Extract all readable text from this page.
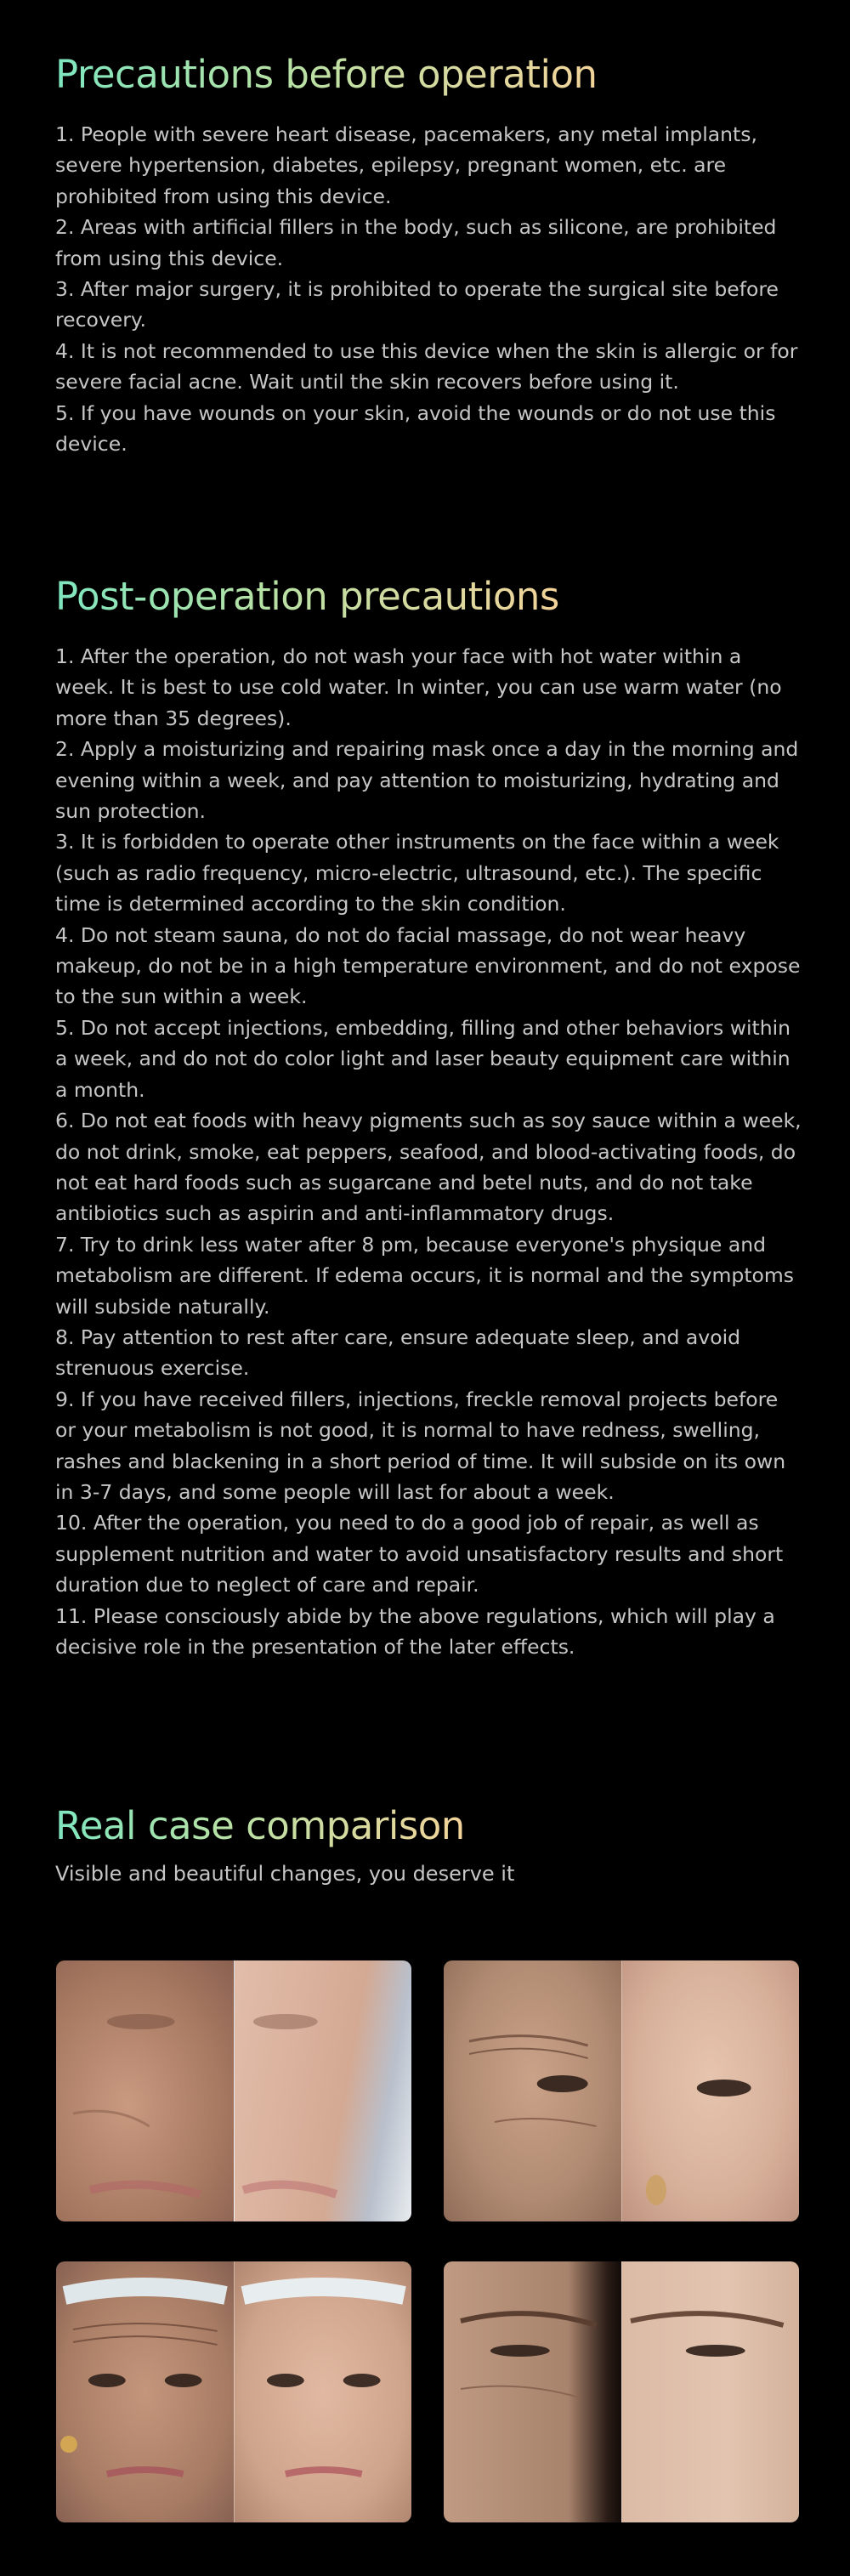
Precautions before operation

1. People with severe heart disease, pacemakers, any metal implants, severe hypertension, diabetes, epilepsy, pregnant women, etc. are prohibited from using this device.

2. Areas with artificial fillers in the body, such as silicone, are prohibited from using this device.

3. After major surgery, it is prohibited to operate the surgical site before recovery.

4. It is not recommended to use this device when the skin is allergic or for severe facial acne. Wait until the skin recovers before using it.

5. If you have wounds on your skin, avoid the wounds or do not use this device.

Post-operation precautions

1. After the operation, do not wash your face with hot water within a week. It is best to use cold water. In winter, you can use warm water (no more than 35 degrees).

2. Apply a moisturizing and repairing mask once a day in the morning and evening within a week, and pay attention to moisturizing, hydrating and sun protection.

3. It is forbidden to operate other instruments on the face within a week (such as radio frequency, micro-electric, ultrasound, etc.). The specific time is determined according to the skin condition.

4. Do not steam sauna, do not do facial massage, do not wear heavy makeup, do not be in a high temperature environment, and do not expose to the sun within a week.

5. Do not accept injections, embedding, filling and other behaviors within a week, and do not do color light and laser beauty equipment care within a month.

6. Do not eat foods with heavy pigments such as soy sauce within a week, do not drink, smoke, eat peppers, seafood, and blood-activating foods, do not eat hard foods such as sugarcane and betel nuts, and do not take antibiotics such as aspirin and anti-inflammatory drugs.

7. Try to drink less water after 8 pm, because everyone's physique and metabolism are different. If edema occurs, it is normal and the symptoms will subside naturally.

8. Pay attention to rest after care, ensure adequate sleep, and avoid strenuous exercise.

9. If you have received fillers, injections, freckle removal projects before or your metabolism is not good, it is normal to have redness, swelling, rashes and blackening in a short period of time. It will subside on its own in 3-7 days, and some people will last for about a week.

10. After the operation, you need to do a good job of repair, as well as supplement nutrition and water to avoid unsatisfactory results and short duration due to neglect of care and repair.

11. Please consciously abide by the above regulations, which will play a decisive role in the presentation of the later effects.

Real case comparison

Visible and beautiful changes, you deserve it
